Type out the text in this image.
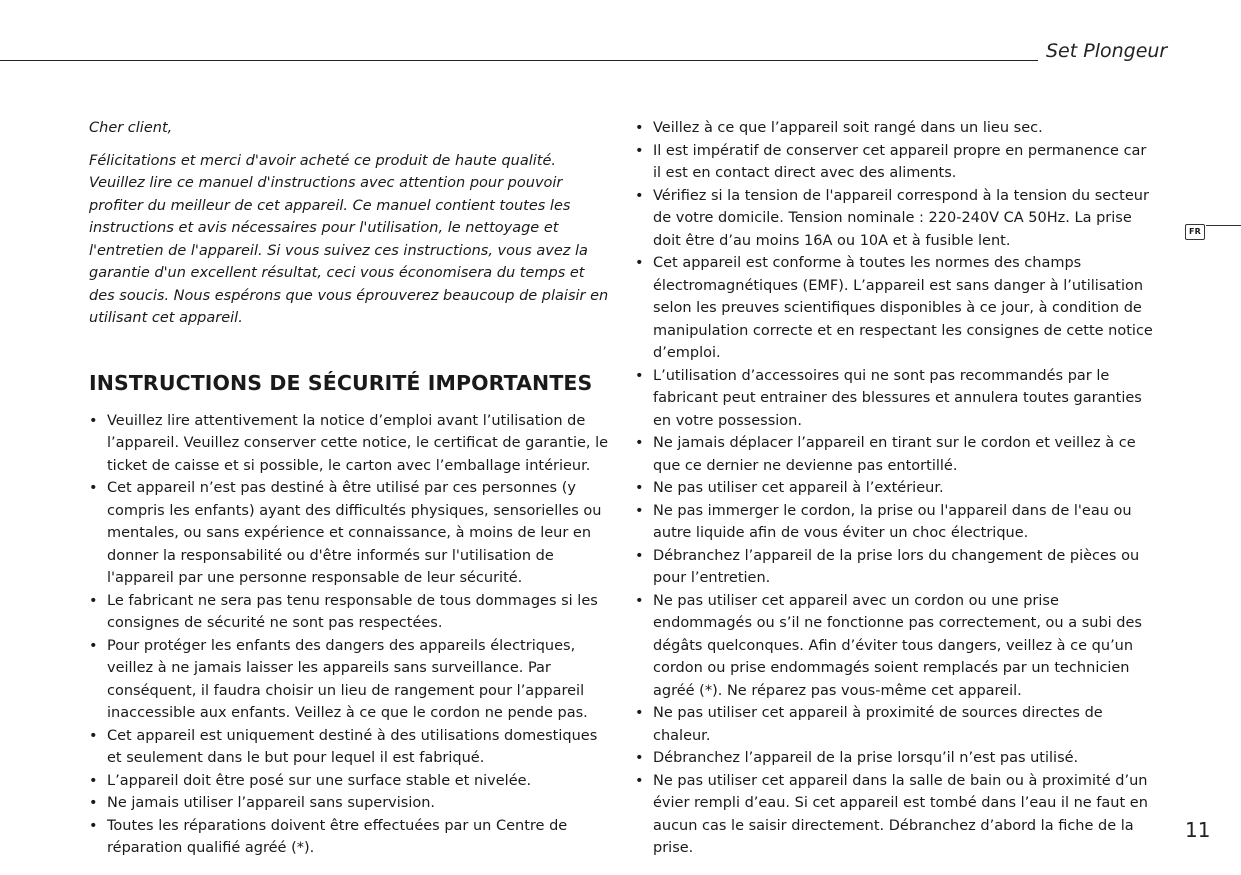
Set Plongeur
FR

Cher client,

Félicitations et merci d'avoir acheté ce produit de haute qualité. Veuillez lire ce manuel d'instructions avec attention pour pouvoir profiter du meilleur de cet appareil. Ce manuel contient toutes les instructions et avis nécessaires pour l'utilisation, le nettoyage et l'entretien de l'appareil. Si vous suivez ces instructions, vous avez la garantie d'un excellent résultat, ceci vous économisera du temps et des soucis. Nous espérons que vous éprouverez beaucoup de plaisir en utilisant cet appareil.

INSTRUCTIONS DE SÉCURITÉ IMPORTANTES
• Veuillez lire attentivement la notice d’emploi avant l’utilisation de l’appareil. Veuillez conserver cette notice, le certificat de garantie, le ticket de caisse et si possible, le carton avec l’emballage intérieur.
• Cet appareil n’est pas destiné à être utilisé par ces personnes (y compris les enfants) ayant des difficultés physiques, sensorielles ou mentales, ou sans expérience et connaissance, à moins de leur en donner la responsabilité ou d'être informés sur l'utilisation de l'appareil par une personne responsable de leur sécurité.
• Le fabricant ne sera pas tenu responsable de tous dommages si les consignes de sécurité ne sont pas respectées.
• Pour protéger les enfants des dangers des appareils électriques, veillez à ne jamais laisser les appareils sans surveillance. Par conséquent, il faudra choisir un lieu de rangement pour l’appareil inaccessible aux enfants. Veillez à ce que le cordon ne pende pas.
• Cet appareil est uniquement destiné à des utilisations domestiques et seulement dans le but pour lequel il est fabriqué.
• L’appareil doit être posé sur une surface stable et nivelée.
• Ne jamais utiliser l’appareil sans supervision.
• Toutes les réparations doivent être effectuées par un Centre de réparation qualifié agréé (*).
• Veillez à ce que l’appareil soit rangé dans un lieu sec.
• Il est impératif de conserver cet appareil propre en permanence car il est en contact direct avec des aliments.
• Vérifiez si la tension de l'appareil correspond à la tension du secteur de votre domicile. Tension nominale : 220-240V CA 50Hz. La prise doit être d’au moins 16A ou 10A et à fusible lent.
• Cet appareil est conforme à toutes les normes des champs électromagnétiques (EMF). L’appareil est sans danger à l’utilisation selon les preuves scientifiques disponibles à ce jour, à condition de manipulation correcte et en respectant les consignes de cette notice d’emploi.
• L’utilisation d’accessoires qui ne sont pas recommandés par le fabricant peut entrainer des blessures et annulera toutes garanties en votre possession.
• Ne jamais déplacer l’appareil en tirant sur le cordon et veillez à ce que ce dernier ne devienne pas entortillé.
• Ne pas utiliser cet appareil à l’extérieur.
• Ne pas immerger le cordon, la prise ou l'appareil dans de l'eau ou autre liquide afin de vous éviter un choc électrique.
• Débranchez l’appareil de la prise lors du changement de pièces ou pour l’entretien.
• Ne pas utiliser cet appareil avec un cordon ou une prise endommagés ou s’il ne fonctionne pas correctement, ou a subi des dégâts quelconques. Afin d’éviter tous dangers, veillez à ce qu’un cordon ou prise endommagés soient remplacés par un technicien agréé (*). Ne réparez pas vous-même cet appareil.
• Ne pas utiliser cet appareil à proximité de sources directes de chaleur.
• Débranchez l’appareil de la prise lorsqu’il n’est pas utilisé.
• Ne pas utiliser cet appareil dans la salle de bain ou à proximité d’un évier rempli d’eau. Si cet appareil est tombé dans l’eau il ne faut en aucun cas le saisir directement. Débranchez d’abord la fiche de la prise.
11
